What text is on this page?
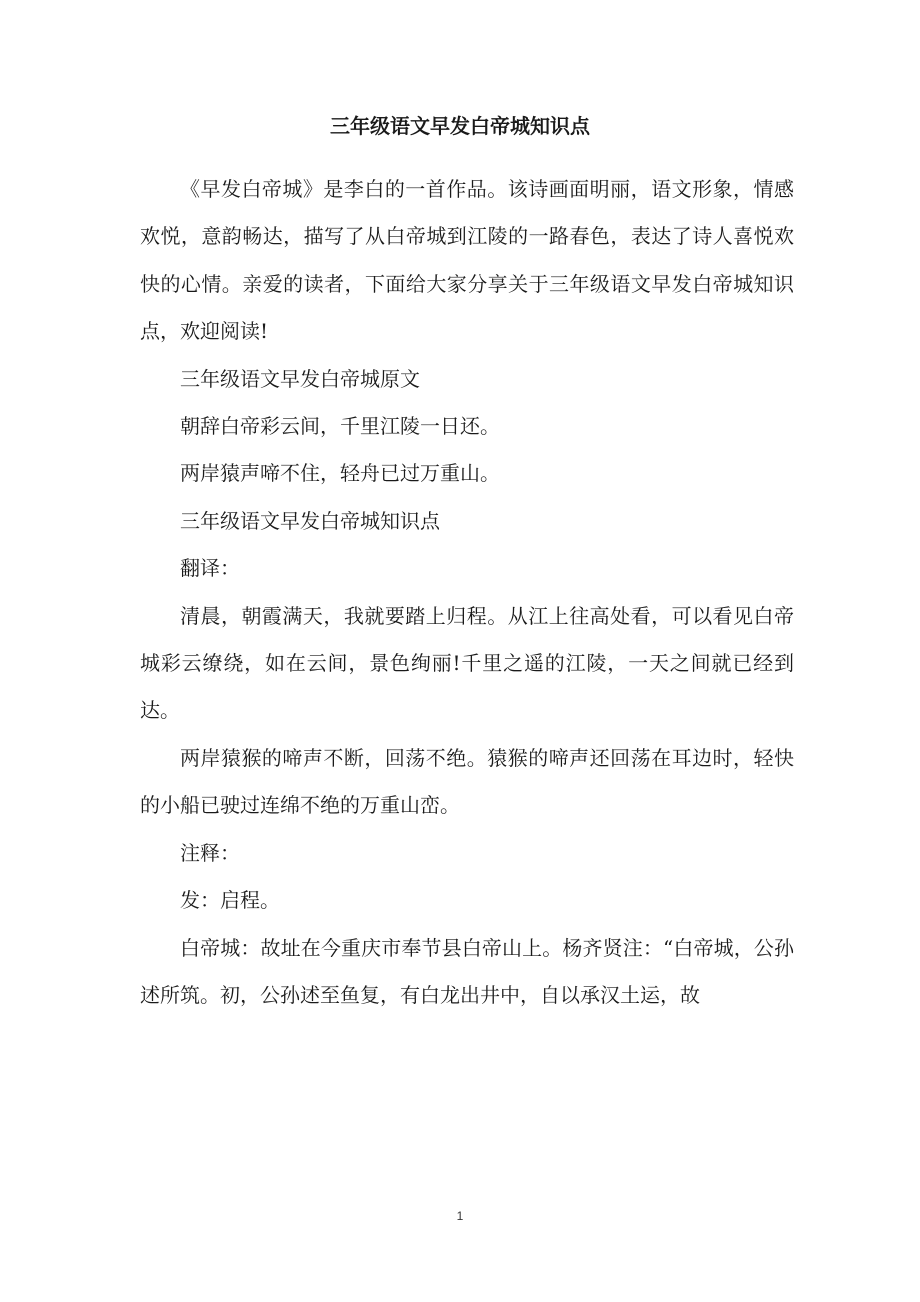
三年级语文早发白帝城知识点

《早发白帝城》是李白的一首作品。该诗画面明丽，语文形象，情感欢悦，意韵畅达，描写了从白帝城到江陵的一路春色，表达了诗人喜悦欢快的心情。亲爱的读者，下面给大家分享关于三年级语文早发白帝城知识点，欢迎阅读!

三年级语文早发白帝城原文

朝辞白帝彩云间，千里江陵一日还。

两岸猿声啼不住，轻舟已过万重山。

三年级语文早发白帝城知识点

翻译：

清晨，朝霞满天，我就要踏上归程。从江上往高处看，可以看见白帝城彩云缭绕，如在云间，景色绚丽!千里之遥的江陵，一天之间就已经到达。

两岸猿猴的啼声不断，回荡不绝。猿猴的啼声还回荡在耳边时，轻快的小船已驶过连绵不绝的万重山峦。

注释：

发：启程。

白帝城：故址在今重庆市奉节县白帝山上。杨齐贤注：“白帝城，公孙述所筑。初，公孙述至鱼复，有白龙出井中，自以承汉土运，故

1
